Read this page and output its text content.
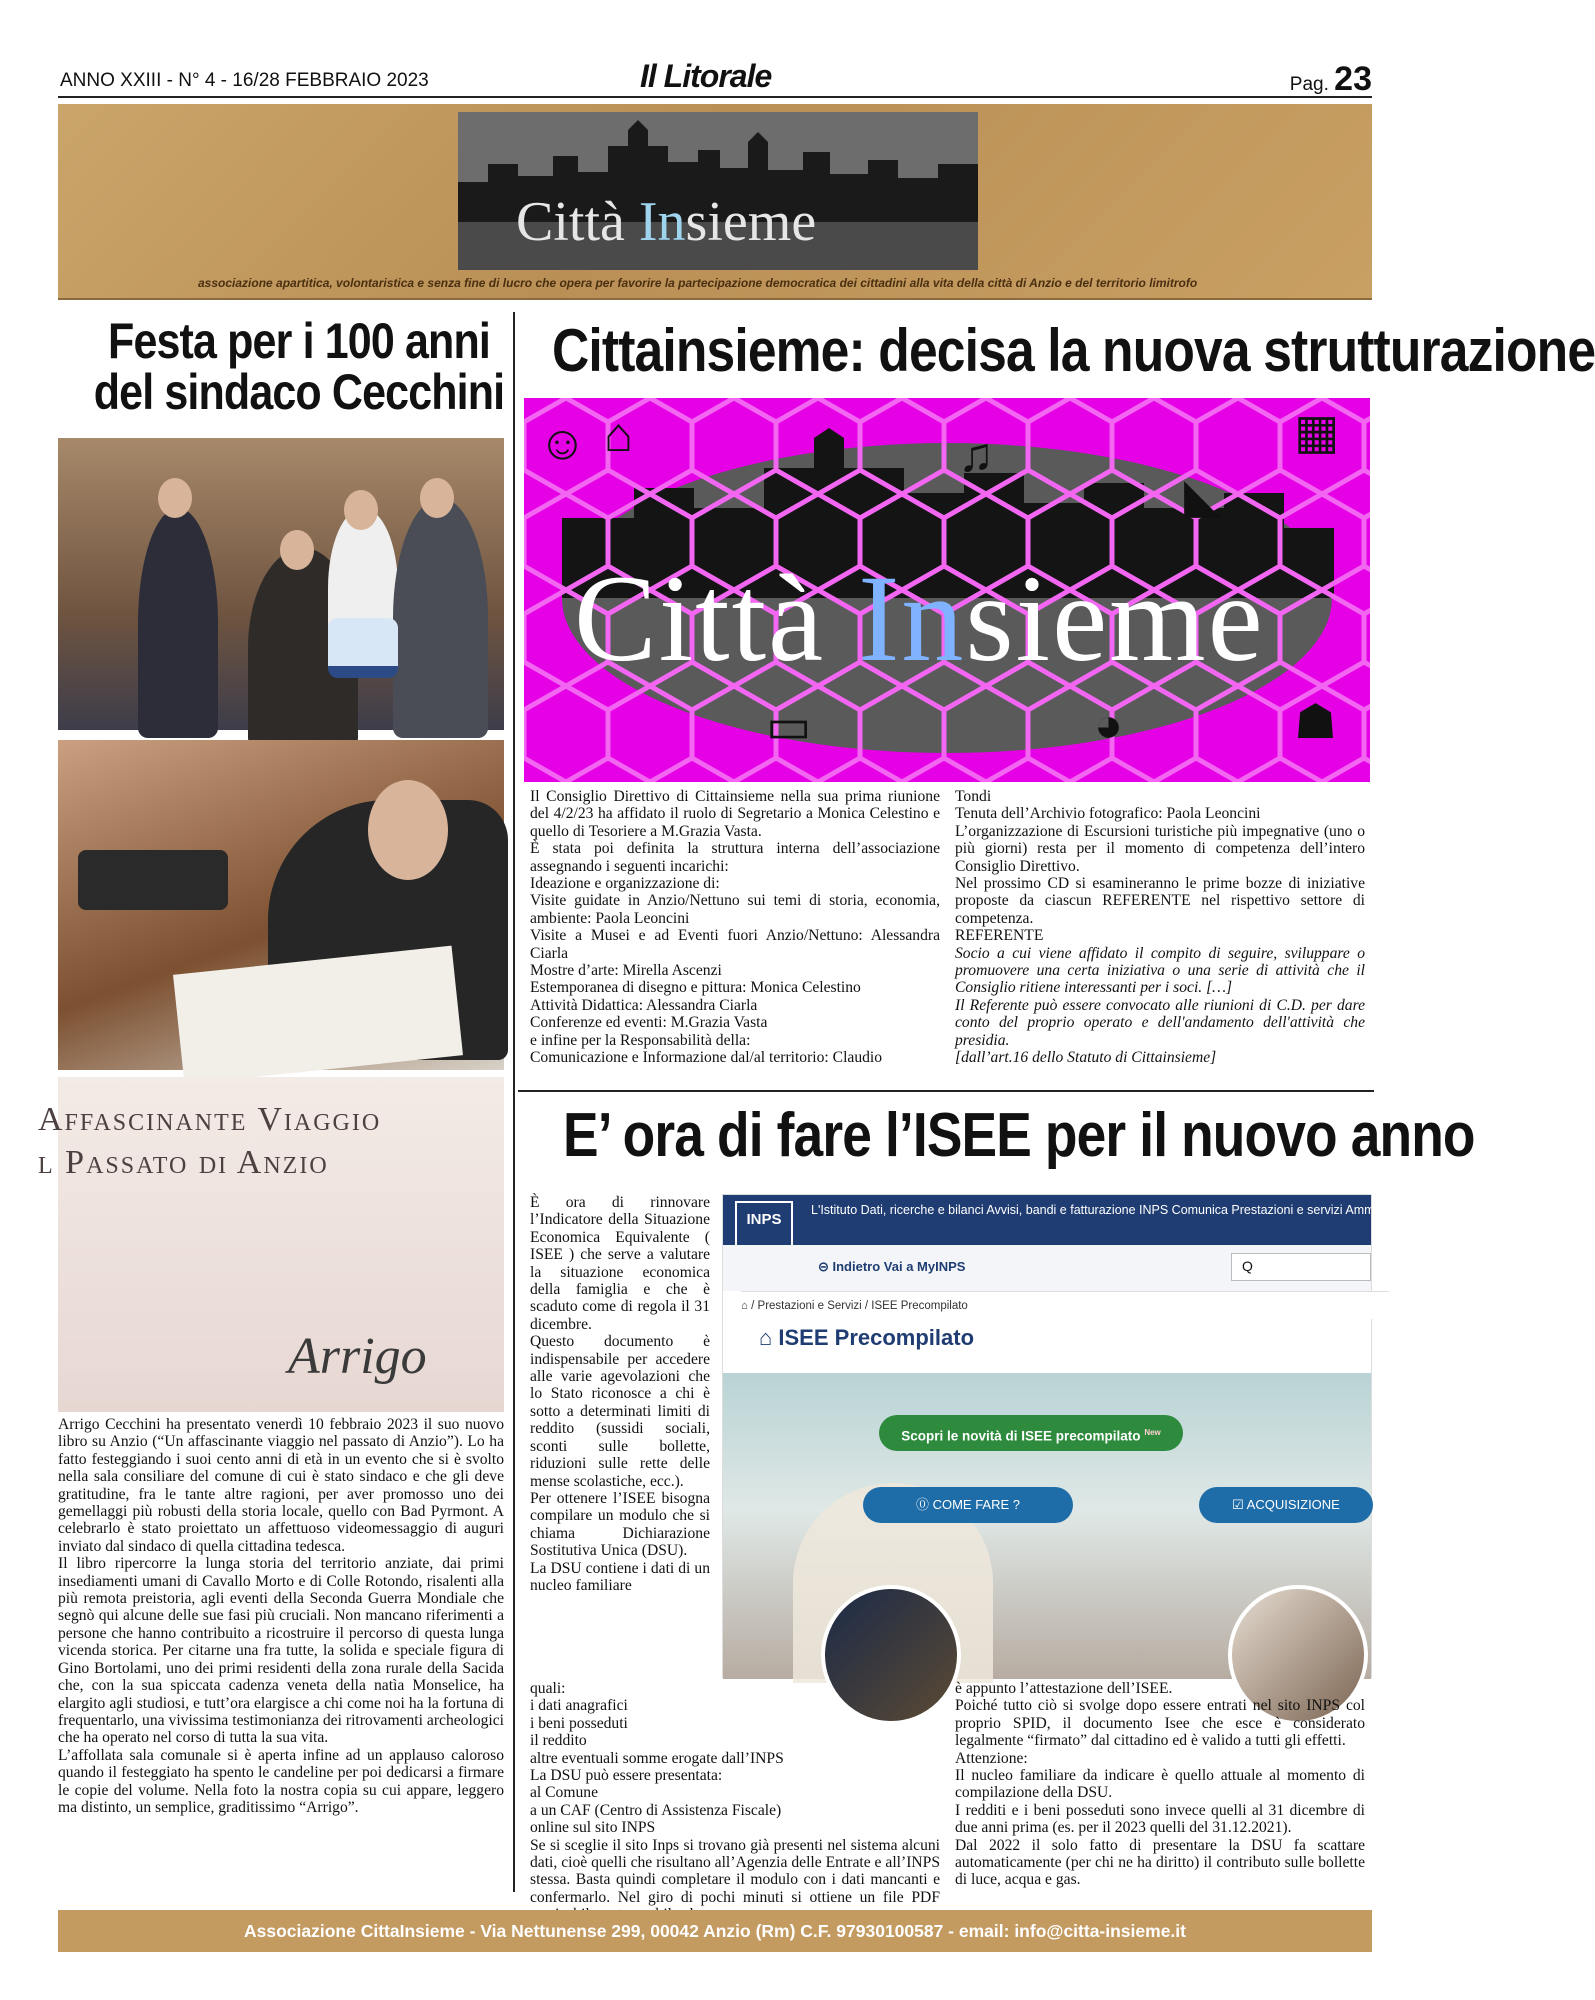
ANNO XXIII - N° 4 - 16/28 FEBBRAIO 2023	Il Litorale	Pag. 23
Città Insieme
associazione apartitica, volontaristica e senza fine di lucro che opera per favorire la partecipazione democratica dei cittadini alla vita della città di Anzio e del territorio limitrofo
Festa per i 100 anni
del sindaco Cecchini
Affascinante Viaggio
l Passato di Anzio
Arrigo

Arrigo Cecchini ha presentato venerdì 10 febbraio 2023 il suo nuovo libro su Anzio (“Un affascinante viaggio nel passato di Anzio”). Lo ha fatto festeggiando i suoi cento anni di età in un evento che si è svolto nella sala consiliare del comune di cui è stato sindaco e che gli deve gratitudine, fra le tante altre ragioni, per aver promosso uno dei gemellaggi più robusti della storia locale, quello con Bad Pyrmont. A celebrarlo è stato proiettato un affettuoso videomessaggio di auguri inviato dal sindaco di quella cittadina tedesca.

Il libro ripercorre la lunga storia del territorio anziate, dai primi insediamenti umani di Cavallo Morto e di Colle Rotondo, risalenti alla più remota preistoria, agli eventi della Seconda Guerra Mondiale che segnò qui alcune delle sue fasi più cruciali. Non mancano riferimenti a persone che hanno contribuito a ricostruire il percorso di questa lunga vicenda storica. Per citarne una fra tutte, la solida e speciale figura di Gino Bortolami, uno dei primi residenti della zona rurale della Sacida che, con la sua spiccata cadenza veneta della natìa Monselice, ha elargito agli studiosi, e tutt’ora elargisce a chi come noi ha la fortuna di frequentarlo, una vivissima testimonianza dei ritrovamenti archeologici che ha operato nel corso di tutta la sua vita.

L’affollata sala comunale si è aperta infine ad un applauso caloroso quando il festeggiato ha spento le candeline per poi dedicarsi a firmare le copie del volume. Nella foto la nostra copia su cui appare, leggero ma distinto, un semplice, graditissimo “Arrigo”.

Cittainsieme: decisa la nuova strutturazione
Città Insieme
☺ ⌂	♫	▦
◣
▭	◕	☗

Il Consiglio Direttivo di Cittainsieme nella sua prima riunione del 4/2/23 ha affidato il ruolo di Segretario a Monica Celestino e quello di Tesoriere a M.Grazia Vasta.

È stata poi definita la struttura interna dell’associazione assegnando i seguenti incarichi:

Ideazione e organizzazione di:

Visite guidate in Anzio/Nettuno sui temi di storia, economia, ambiente: Paola Leoncini

Visite a Musei e ad Eventi fuori Anzio/Nettuno: Alessandra Ciarla

Mostre d’arte: Mirella Ascenzi

Estemporanea di disegno e pittura: Monica Celestino

Attività Didattica: Alessandra Ciarla

Conferenze ed eventi: M.Grazia Vasta

e infine per la Responsabilità della:

Comunicazione e Informazione dal/al territorio: Claudio

Tondi

Tenuta dell’Archivio fotografico: Paola Leoncini

L’organizzazione di Escursioni turistiche più impegnative (uno o più giorni) resta per il momento di competenza dell’intero Consiglio Direttivo.

Nel prossimo CD si esamineranno le prime bozze di iniziative proposte da ciascun REFERENTE nel rispettivo settore di competenza.

REFERENTE

Socio a cui viene affidato il compito di seguire, sviluppare o promuovere una certa iniziativa o una serie di attività che il Consiglio ritiene interessanti per i soci. […]

Il Referente può essere convocato alle riunioni di C.D. per dare conto del proprio operato e dell'andamento dell'attività che presidia.

[dall’art.16 dello Statuto di Cittainsieme]

E’ ora di fare l’ISEE per il nuovo anno

È ora di rinnovare l’Indicatore della Situazione Economica Equivalente ( ISEE ) che serve a valutare la situazione economica della famiglia e che è scaduto come di regola il 31 dicembre.

Questo documento è indispensabile per accedere alle varie agevolazioni che lo Stato riconosce a chi è sotto a determinati limiti di reddito (sussidi sociali, sconti sulle bollette, riduzioni sulle rette delle mense scolastiche, ecc.).

Per ottenere l’ISEE bisogna compilare un modulo che si chiama Dichiarazione Sostitutiva Unica (DSU).

La DSU contiene i dati di un nucleo familiare

INPS
L'Istituto Dati, ricerche e bilanci Avvisi, bandi e fatturazione INPS Comunica Prestazioni e servizi Amministraz
⊝ Indietro Vai a MyINPS	Q
⌂ / Prestazioni e Servizi / ISEE Precompilato
⌂ ISEE Precompilato
Scopri le novità di ISEE precompilato $^{New}$
⓪ COME FARE ?	☑ ACQUISIZIONE

quali:

i dati anagrafici

i beni posseduti

il reddito

altre eventuali somme erogate dall’INPS

La DSU può essere presentata:

al Comune

a un CAF (Centro di Assistenza Fiscale)

online sul sito INPS

Se si sceglie il sito Inps si trovano già presenti nel sistema alcuni dati, cioè quelli che risultano all’Agenzia delle Entrate e all’INPS stessa. Basta quindi completare il modulo con i dati mancanti e confermarlo. Nel giro di pochi minuti si ottiene un file PDF

è appunto l’attestazione dell’ISEE.

Poiché tutto ciò si svolge dopo essere entrati nel sito INPS col proprio SPID, il documento Isee che esce è considerato legalmente “firmato” dal cittadino ed è valido a tutti gli effetti.

Attenzione:

Il nucleo familiare da indicare è quello attuale al momento di compilazione della DSU.

I redditi e i beni posseduti sono invece quelli al 31 dicembre di due anni prima (es. per il 2023 quelli del 31.12.2021).

Dal 2022 il solo fatto di presentare la DSU fa scattare automaticamente (per chi ne ha diritto) il contributo sulle bollette di luce, acqua e gas.

Associazione CittaInsieme - Via Nettunense 299, 00042 Anzio (Rm) C.F. 97930100587 - email: info@citta-insieme.it
